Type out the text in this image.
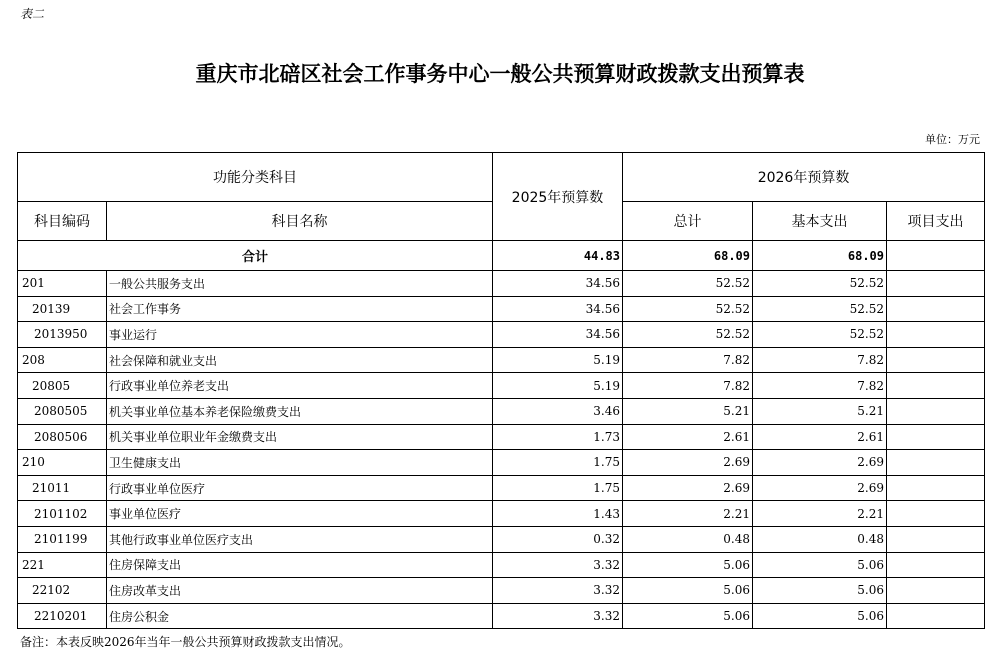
表二
重庆市北碚区社会工作事务中心一般公共预算财政拨款支出预算表
单位：万元
功能分类科目		2025年预算数	2026年预算数		
科目编码	科目名称		总计	基本支出	项目支出
合计		44.83	68.09	68.09	
201	一般公共服务支出	34.56	52.52	52.52	
20139	社会工作事务	34.56	52.52	52.52	
2013950	事业运行	34.56	52.52	52.52	
208	社会保障和就业支出	5.19	7.82	7.82	
20805	行政事业单位养老支出	5.19	7.82	7.82	
2080505	机关事业单位基本养老保险缴费支出	3.46	5.21	5.21	
2080506	机关事业单位职业年金缴费支出	1.73	2.61	2.61	
210	卫生健康支出	1.75	2.69	2.69	
21011	行政事业单位医疗	1.75	2.69	2.69	
2101102	事业单位医疗	1.43	2.21	2.21	
2101199	其他行政事业单位医疗支出	0.32	0.48	0.48	
221	住房保障支出	3.32	5.06	5.06	
22102	住房改革支出	3.32	5.06	5.06	
2210201	住房公积金	3.32	5.06	5.06	
备注：本表反映2026年当年一般公共预算财政拨款支出情况。
